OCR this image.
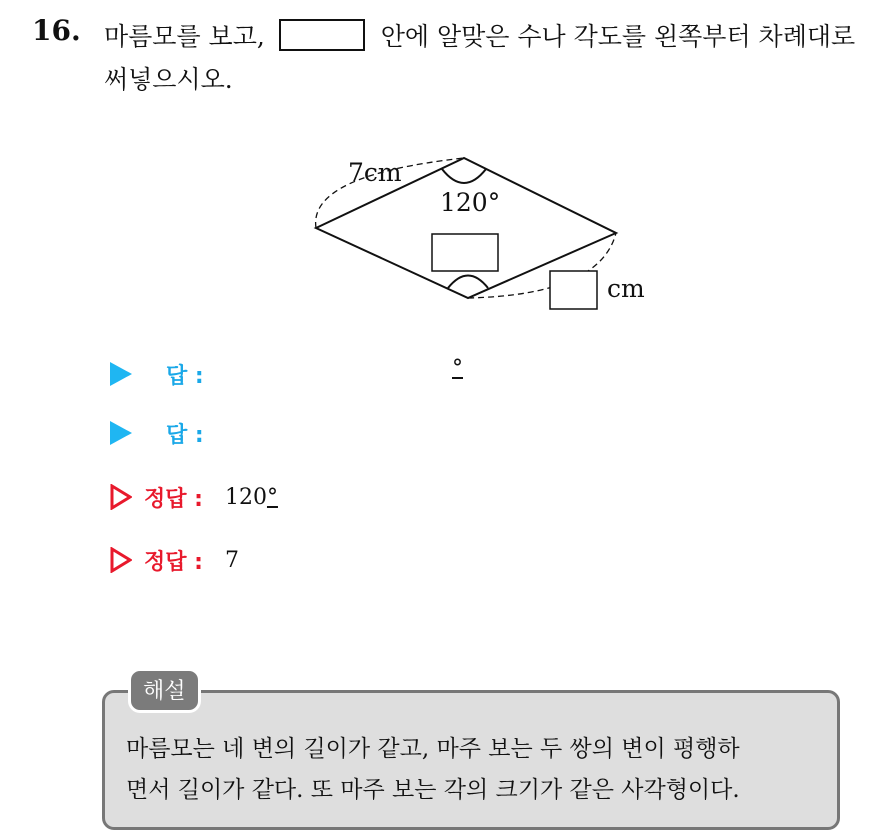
16. 마름모를 보고,	안에 알맞은 수나 각도를 왼쪽부터 차례대로
써넣으시오.
7cm
120°
cm
답 :	°
답 :
정답 : 120 °
정답 : 7
해설
마름모는 네 변의 길이가 같고, 마주 보는 두 쌍의 변이 평행하
면서 길이가 같다. 또 마주 보는 각의 크기가 같은 사각형이다.
